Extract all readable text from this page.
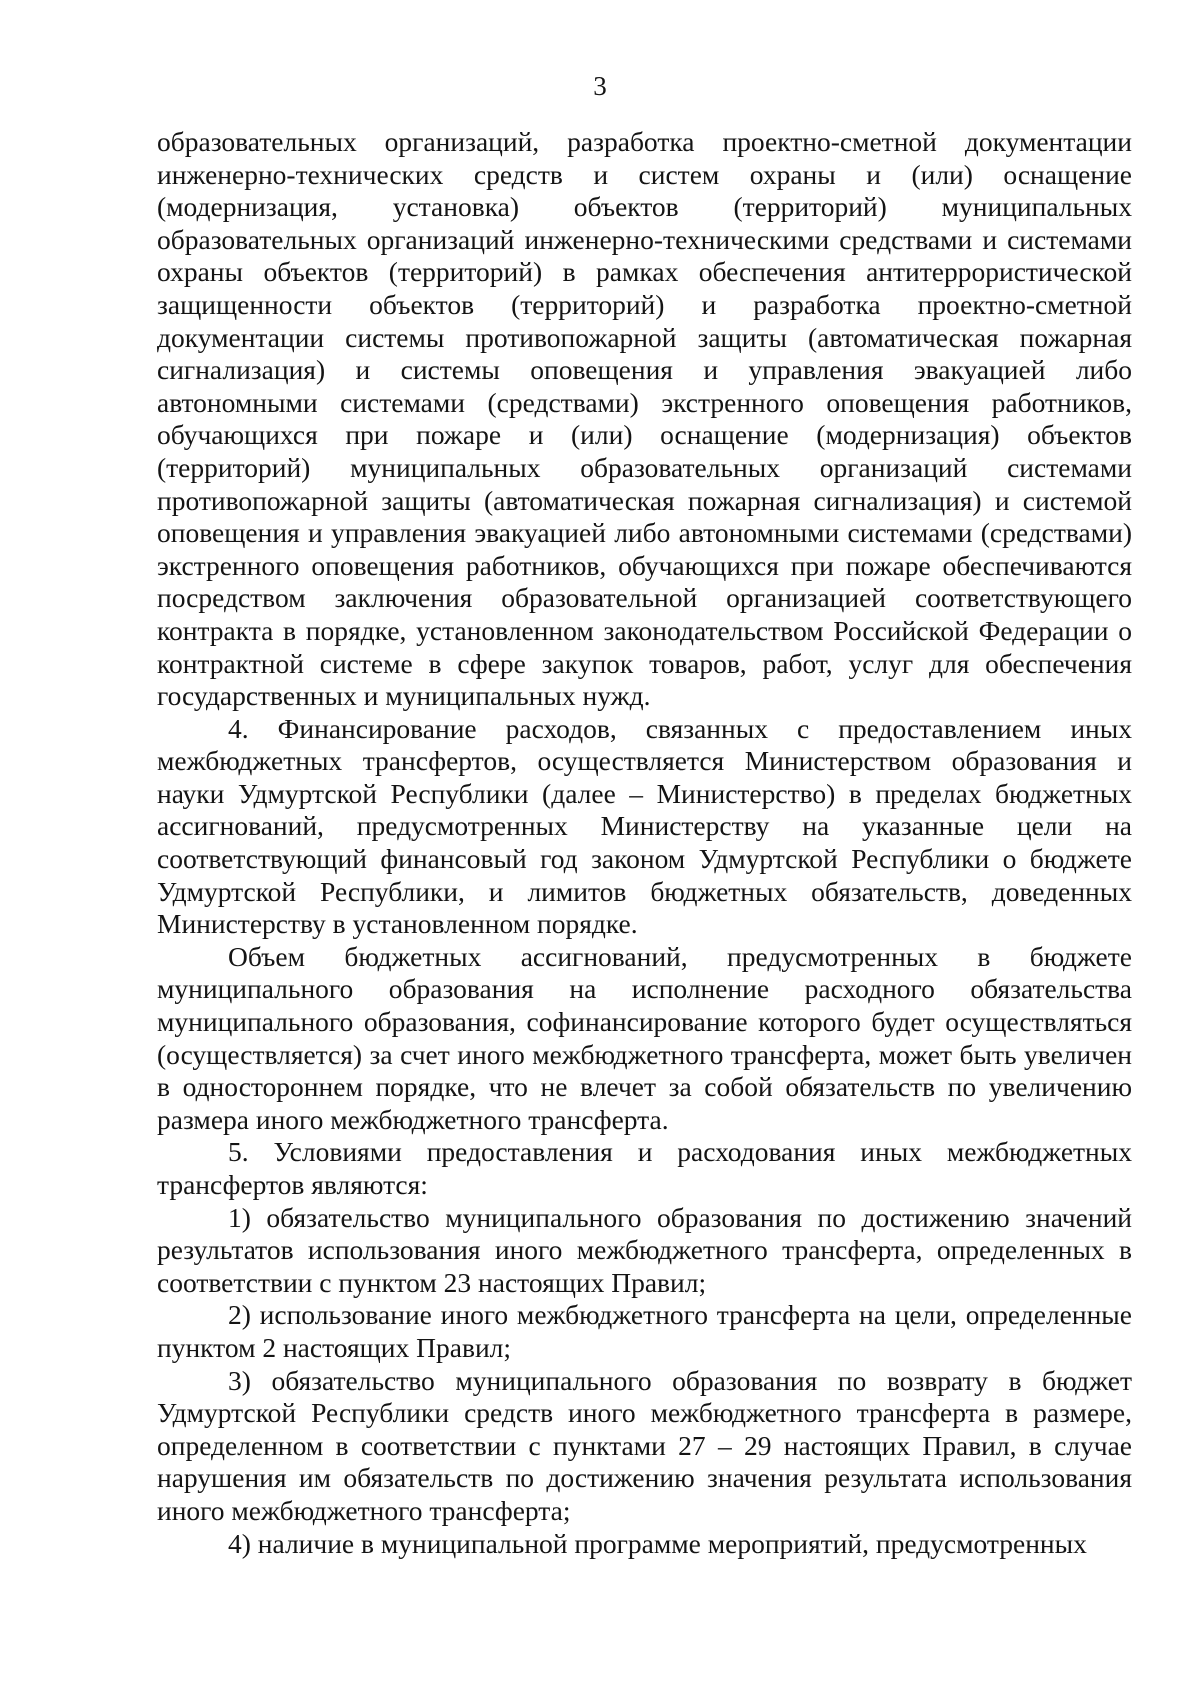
3

образовательных организаций, разработка проектно-сметной документации инженерно-технических средств и систем охраны и (или) оснащение (модернизация, установка) объектов (территорий) муниципальных образовательных организаций инженерно-техническими средствами и системами охраны объектов (территорий) в рамках обеспечения антитеррористической защищенности объектов (территорий) и разработка проектно-сметной документации системы противопожарной защиты (автоматическая пожарная сигнализация) и системы оповещения и управления эвакуацией либо автономными системами (средствами) экстренного оповещения работников, обучающихся при пожаре и (или) оснащение (модернизация) объектов (территорий) муниципальных образовательных организаций системами противопожарной защиты (автоматическая пожарная сигнализация) и системой оповещения и управления эвакуацией либо автономными системами (средствами) экстренного оповещения работников, обучающихся при пожаре обеспечиваются посредством заключения образовательной организацией соответствующего контракта в порядке, установленном законодательством Российской Федерации о контрактной системе в сфере закупок товаров, работ, услуг для обеспечения государственных и муниципальных нужд.

4. Финансирование расходов, связанных с предоставлением иных межбюджетных трансфертов, осуществляется Министерством образования и науки Удмуртской Республики (далее – Министерство) в пределах бюджетных ассигнований, предусмотренных Министерству на указанные цели на соответствующий финансовый год законом Удмуртской Республики о бюджете Удмуртской Республики, и лимитов бюджетных обязательств, доведенных Министерству в установленном порядке.

Объем бюджетных ассигнований, предусмотренных в бюджете муниципального образования на исполнение расходного обязательства муниципального образования, софинансирование которого будет осуществляться (осуществляется) за счет иного межбюджетного трансферта, может быть увеличен в одностороннем порядке, что не влечет за собой обязательств по увеличению размера иного межбюджетного трансферта.

5. Условиями предоставления и расходования иных межбюджетных трансфертов являются:

1) обязательство муниципального образования по достижению значений результатов использования иного межбюджетного трансферта, определенных в соответствии с пунктом 23 настоящих Правил;

2) использование иного межбюджетного трансферта на цели, определенные пунктом 2 настоящих Правил;

3) обязательство муниципального образования по возврату в бюджет Удмуртской Республики средств иного межбюджетного трансферта в размере, определенном в соответствии с пунктами 27 – 29 настоящих Правил, в случае нарушения им обязательств по достижению значения результата использования иного межбюджетного трансферта;

4) наличие в муниципальной программе мероприятий, предусмотренных
